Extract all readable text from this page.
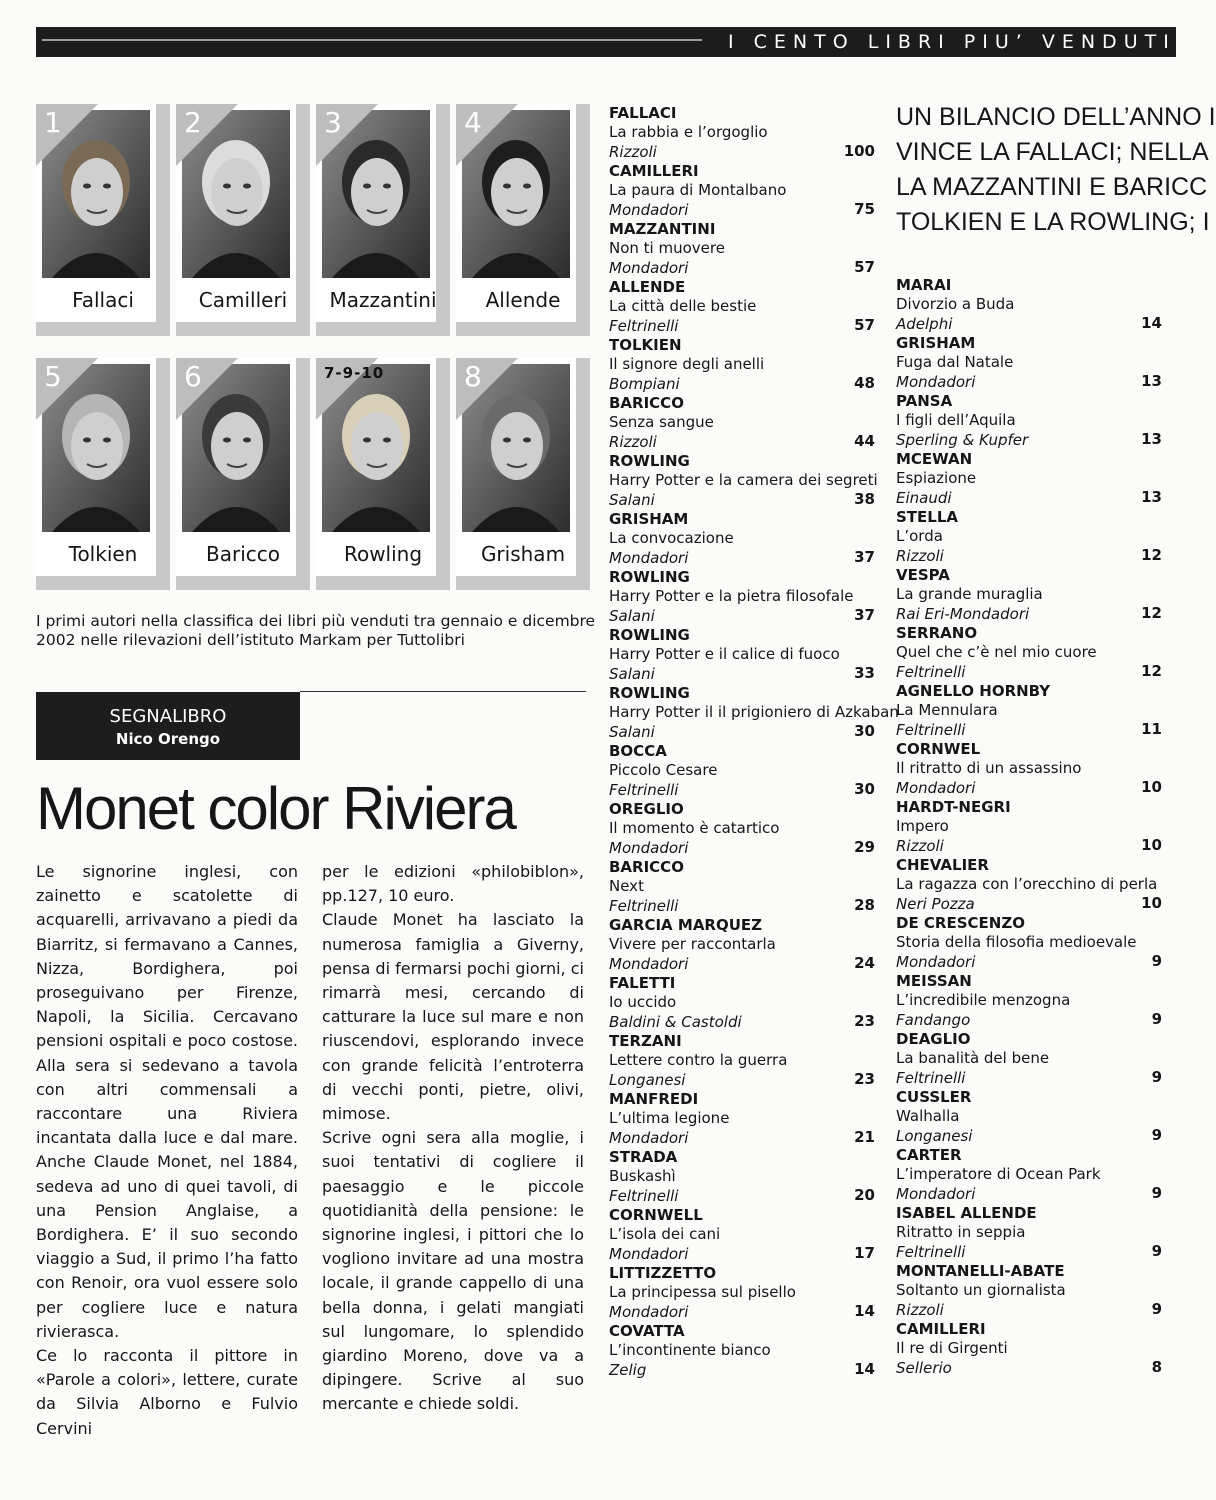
I CENTO LIBRI PIU’ VENDUTI
1
Fallaci
2
Camilleri
3
Mazzantini
4
Allende
5
Tolkien
6
Baricco
7-9-10
Rowling
8
Grisham
I primi autori nella classifica dei libri più venduti tra gennaio e dicembre 2002 nelle rilevazioni dell’istituto Markam per Tuttolibri
SEGNALIBRO
Nico Orengo
Monet color Riviera

Le signorine inglesi, con zainetto e scatolette di acquarelli, arrivavano a piedi da Biarritz, si fermavano a Cannes, Nizza, Bordighera, poi proseguivano per Firenze, Napoli, la Sicilia. Cercavano pensioni ospitali e poco costose. Alla sera si sedevano a tavola con altri commensali a raccontare una Riviera incantata dalla luce e dal mare. Anche Claude Monet, nel 1884, sedeva ad uno di quei tavoli, di una Pension Anglaise, a Bordighera. E’ il suo secondo viaggio a Sud, il primo l’ha fatto con Renoir, ora vuol essere solo per cogliere luce e natura rivierasca.

Ce lo racconta il pittore in «Parole a colori», lettere, curate da Silvia Alborno e Fulvio Cervini

per le edizioni «philobiblon», pp.127, 10 euro.

Claude Monet ha lasciato la numerosa famiglia a Giverny, pensa di fermarsi pochi giorni, ci rimarrà mesi, cercando di catturare la luce sul mare e non riuscendovi, esplorando invece con grande felicità l’entroterra di vecchi ponti, pietre, olivi, mimose.

Scrive ogni sera alla moglie, i suoi tentativi di cogliere il paesaggio e le piccole quotidianità della pensione: le signorine inglesi, i pittori che lo vogliono invitare ad una mostra locale, il grande cappello di una bella donna, i gelati mangiati sul lungomare, lo splendido giardino Moreno, dove va a dipingere. Scrive al suo mercante e chiede soldi.

FALLACI
La rabbia e l’orgoglio
Rizzoli	100
CAMILLERI
La paura di Montalbano
Mondadori	75
MAZZANTINI
Non ti muovere
Mondadori	57
ALLENDE
La città delle bestie
Feltrinelli	57
TOLKIEN
Il signore degli anelli
Bompiani	48
BARICCO
Senza sangue
Rizzoli	44
ROWLING
Harry Potter e la camera dei segreti
Salani	38
GRISHAM
La convocazione
Mondadori	37
ROWLING
Harry Potter e la pietra filosofale
Salani	37
ROWLING
Harry Potter e il calice di fuoco
Salani	33
ROWLING
Harry Potter il il prigioniero di Azkaban
Salani	30
BOCCA
Piccolo Cesare
Feltrinelli	30
OREGLIO
Il momento è catartico
Mondadori	29
BARICCO
Next
Feltrinelli	28
GARCIA MARQUEZ
Vivere per raccontarla
Mondadori	24
FALETTI
Io uccido
Baldini & Castoldi	23
TERZANI
Lettere contro la guerra
Longanesi	23
MANFREDI
L’ultima legione
Mondadori	21
STRADA
Buskashì
Feltrinelli	20
CORNWELL
L’isola dei cani
Mondadori	17
LITTIZZETTO
La principessa sul pisello
Mondadori	14
COVATTA
L’incontinente bianco
Zelig	14
MARAI
Divorzio a Buda
Adelphi	14
GRISHAM
Fuga dal Natale
Mondadori	13
PANSA
I figli dell’Aquila
Sperling & Kupfer	13
MCEWAN
Espiazione
Einaudi	13
STELLA
L’orda
Rizzoli	12
VESPA
La grande muraglia
Rai Eri-Mondadori	12
SERRANO
Quel che c’è nel mio cuore
Feltrinelli	12
AGNELLO HORNBY
La Mennulara
Feltrinelli	11
CORNWEL
Il ritratto di un assassino
Mondadori	10
HARDT-NEGRI
Impero
Rizzoli	10
CHEVALIER
La ragazza con l’orecchino di perla
Neri Pozza	10
DE CRESCENZO
Storia della filosofia medioevale
Mondadori	9
MEISSAN
L’incredibile menzogna
Fandango	9
DEAGLIO
La banalità del bene
Feltrinelli	9
CUSSLER
Walhalla
Longanesi	9
CARTER
L’imperatore di Ocean Park
Mondadori	9
ISABEL ALLENDE
Ritratto in seppia
Feltrinelli	9
MONTANELLI-ABATE
Soltanto un giornalista
Rizzoli	9
CAMILLERI
Il re di Girgenti
Sellerio	8
UN BILANCIO DELL’ANNO I
VINCE LA FALLACI; NELLA
LA MAZZANTINI E BARICC
TOLKIEN E LA ROWLING; I
